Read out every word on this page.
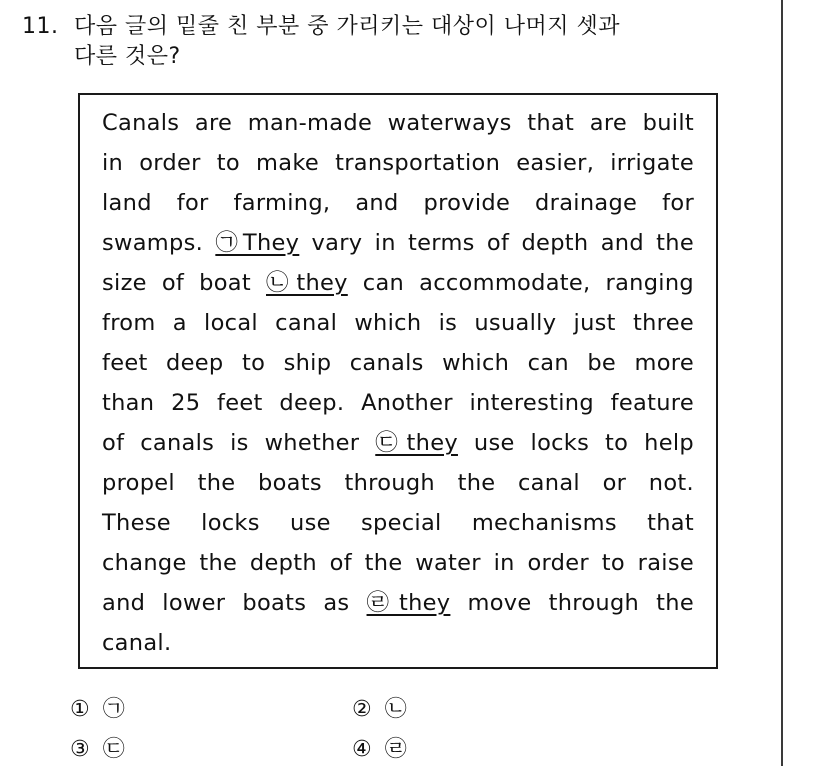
11. 다음 글의 밑줄 친 부분 중 가리키는 대상이 나머지 셋과
다른 것은?
Canals are man-made waterways that are built
in order to make transportation easier, irrigate
land for farming, and provide drainage for
swamps. ㉠They vary in terms of depth and the
size of boat ㉡they can accommodate, ranging
from a local canal which is usually just three
feet deep to ship canals which can be more
than 25 feet deep. Another interesting feature
of canals is whether ㉢they use locks to help
propel the boats through the canal or not.
These locks use special mechanisms that
change the depth of the water in order to raise
and lower boats as ㉣they move through the
canal.
① ㉠	② ㉡
③ ㉢	④ ㉣
